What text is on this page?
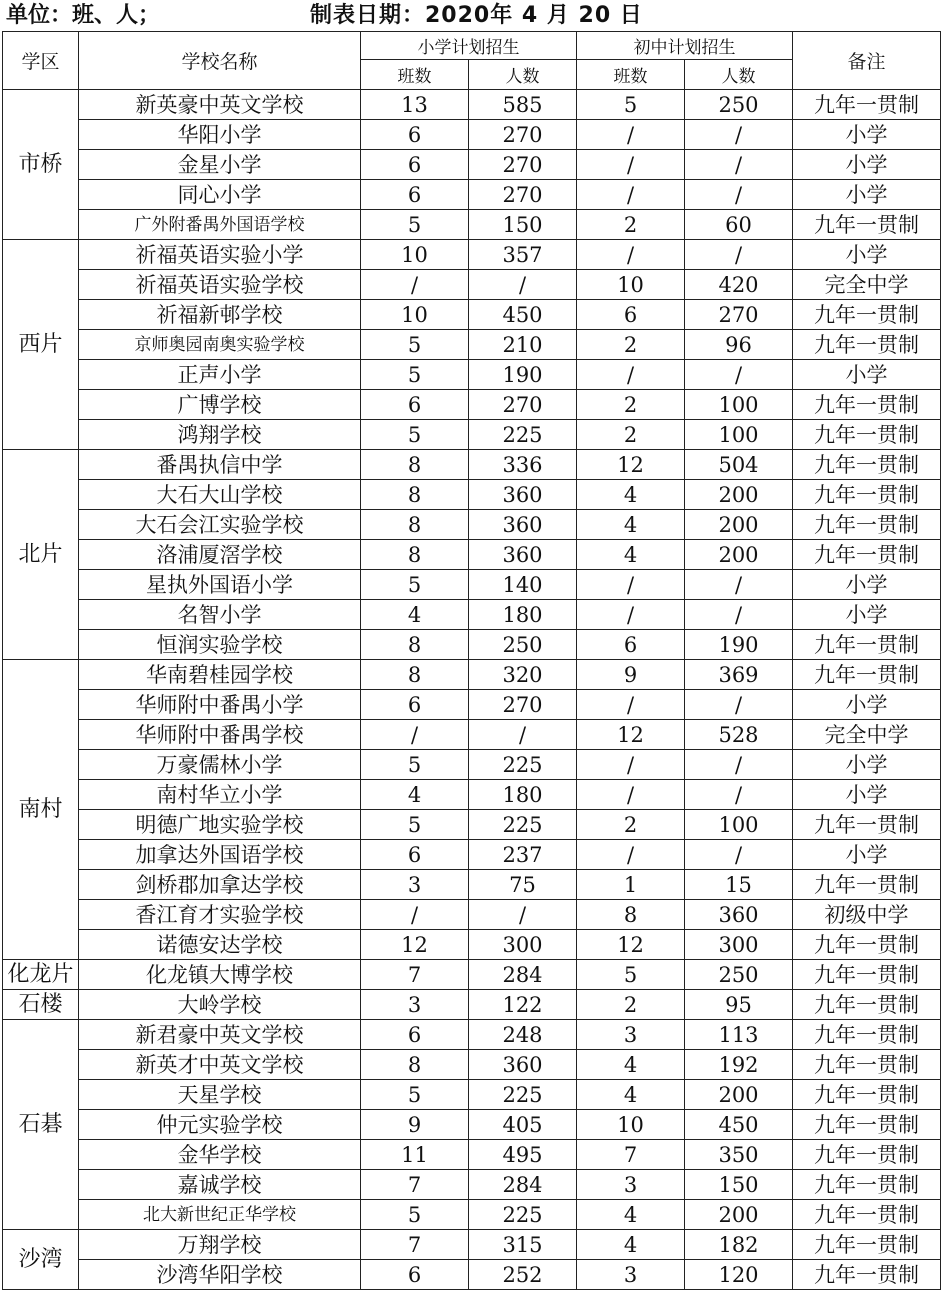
单位：班、人；	制表日期：2020年 4 月 20 日
学区	学校名称	小学计划招生		初中计划招生		备注
		班数	人数	班数	人数	
市桥	新英豪中英文学校	13	585	5	250	九年一贯制
	华阳小学	6	270	/	/	小学
	金星小学	6	270	/	/	小学
	同心小学	6	270	/	/	小学
	广外附番禺外国语学校	5	150	2	60	九年一贯制
西片	祈福英语实验小学	10	357	/	/	小学
	祈福英语实验学校	/	/	10	420	完全中学
	祈福新邨学校	10	450	6	270	九年一贯制
	京师奥园南奥实验学校	5	210	2	96	九年一贯制
	正声小学	5	190	/	/	小学
	广博学校	6	270	2	100	九年一贯制
	鸿翔学校	5	225	2	100	九年一贯制
北片	番禺执信中学	8	336	12	504	九年一贯制
	大石大山学校	8	360	4	200	九年一贯制
	大石会江实验学校	8	360	4	200	九年一贯制
	洛浦厦滘学校	8	360	4	200	九年一贯制
	星执外国语小学	5	140	/	/	小学
	名智小学	4	180	/	/	小学
	恒润实验学校	8	250	6	190	九年一贯制
南村	华南碧桂园学校	8	320	9	369	九年一贯制
	华师附中番禺小学	6	270	/	/	小学
	华师附中番禺学校	/	/	12	528	完全中学
	万豪儒林小学	5	225	/	/	小学
	南村华立小学	4	180	/	/	小学
	明德广地实验学校	5	225	2	100	九年一贯制
	加拿达外国语学校	6	237	/	/	小学
	剑桥郡加拿达学校	3	75	1	15	九年一贯制
	香江育才实验学校	/	/	8	360	初级中学
	诺德安达学校	12	300	12	300	九年一贯制
化龙片	化龙镇大博学校	7	284	5	250	九年一贯制
石楼	大岭学校	3	122	2	95	九年一贯制
石碁	新君豪中英文学校	6	248	3	113	九年一贯制
	新英才中英文学校	8	360	4	192	九年一贯制
	天星学校	5	225	4	200	九年一贯制
	仲元实验学校	9	405	10	450	九年一贯制
	金华学校	11	495	7	350	九年一贯制
	嘉诚学校	7	284	3	150	九年一贯制
	北大新世纪正华学校	5	225	4	200	九年一贯制
沙湾	万翔学校	7	315	4	182	九年一贯制
	沙湾华阳学校	6	252	3	120	九年一贯制
